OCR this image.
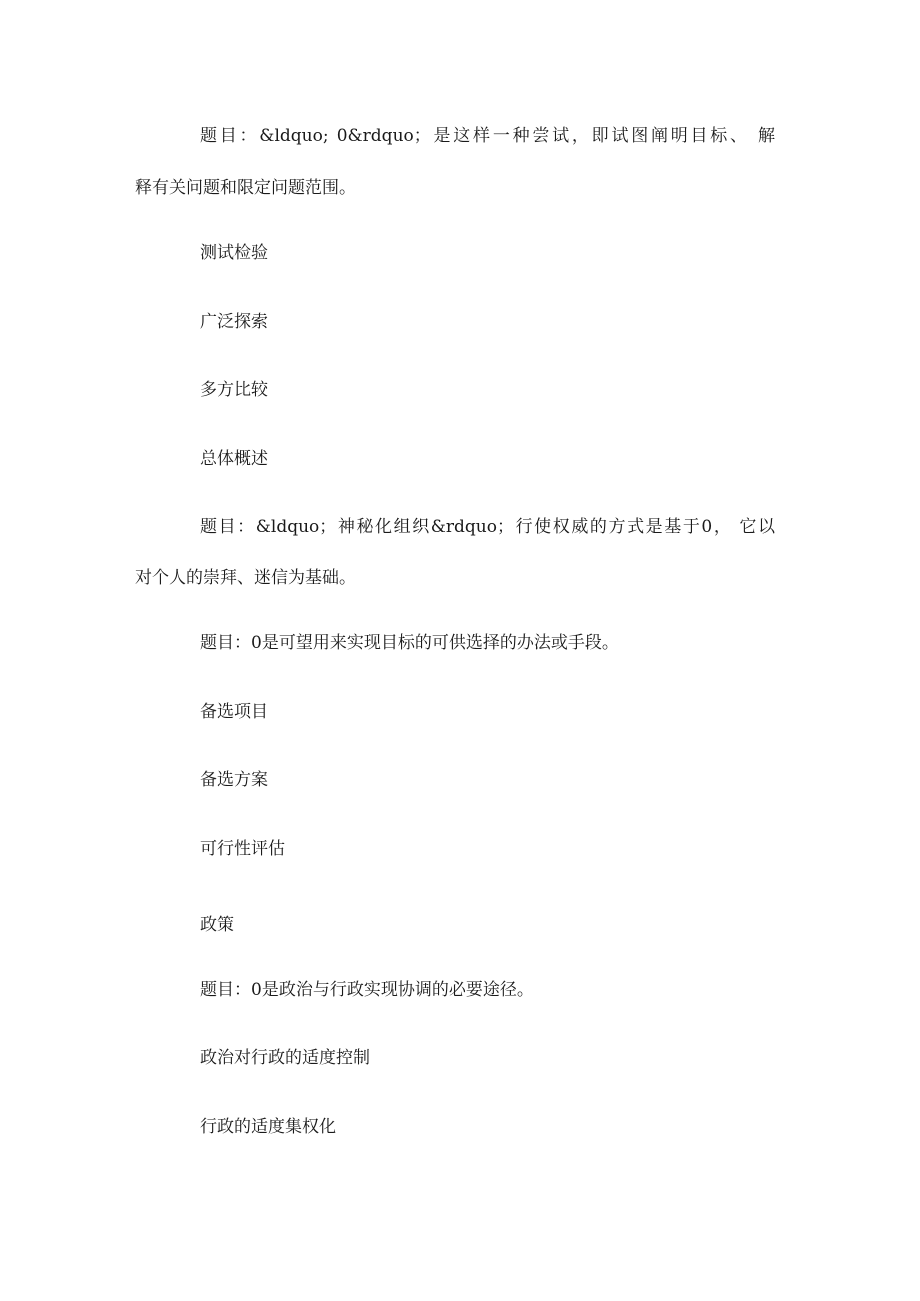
题目：&ldquo; 0&rdquo；是这样一种尝试，即试图阐明目标、 解
释有关问题和限定问题范围。
测试检验
广泛探索
多方比较
总体概述
题目：&ldquo；神秘化组织&rdquo；行使权威的方式是基于0， 它以
对个人的崇拜、迷信为基础。
题目：0是可望用来实现目标的可供选择的办法或手段。
备选项目
备选方案
可行性评估
政策
题目：0是政治与行政实现协调的必要途径。
政治对行政的适度控制
行政的适度集权化
